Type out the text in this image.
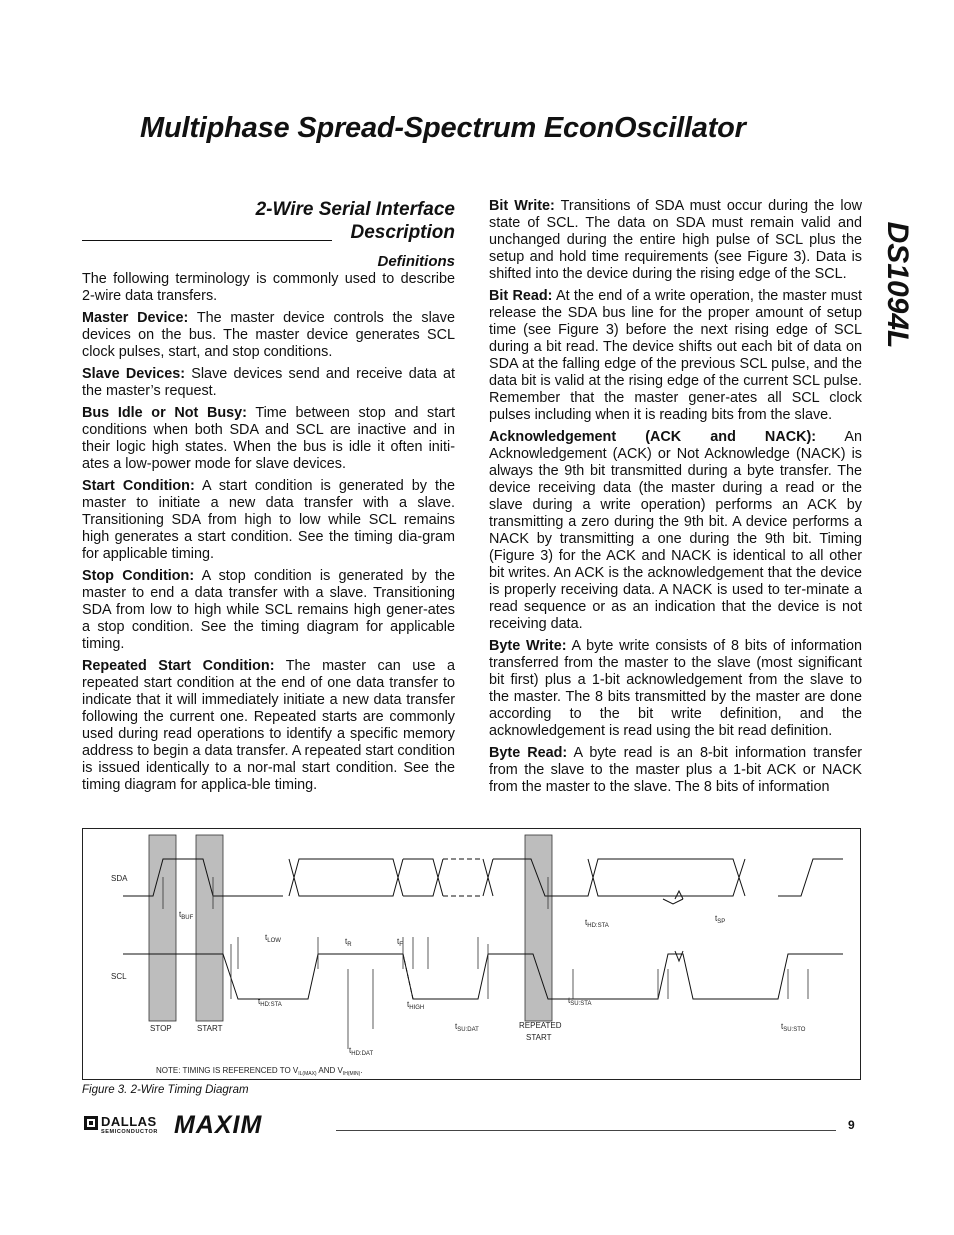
Multiphase Spread-Spectrum EconOscillator
DS1094L
2-Wire Serial Interface
Description
Definitions

The following terminology is commonly used to describe 2-wire data transfers.

Master Device: The master device controls the slave devices on the bus. The master device generates SCL clock pulses, start, and stop conditions.

Slave Devices: Slave devices send and receive data at the master’s request.

Bus Idle or Not Busy: Time between stop and start conditions when both SDA and SCL are inactive and in their logic high states. When the bus is idle it often initi-ates a low-power mode for slave devices.

Start Condition: A start condition is generated by the master to initiate a new data transfer with a slave. Transitioning SDA from high to low while SCL remains high generates a start condition. See the timing dia-gram for applicable timing.

Stop Condition: A stop condition is generated by the master to end a data transfer with a slave. Transitioning SDA from low to high while SCL remains high gener-ates a stop condition. See the timing diagram for applicable timing.

Repeated Start Condition: The master can use a repeated start condition at the end of one data transfer to indicate that it will immediately initiate a new data transfer following the current one. Repeated starts are commonly used during read operations to identify a specific memory address to begin a data transfer. A repeated start condition is issued identically to a nor-mal start condition. See the timing diagram for applica-ble timing.

Bit Write: Transitions of SDA must occur during the low state of SCL. The data on SDA must remain valid and unchanged during the entire high pulse of SCL plus the setup and hold time requirements (see Figure 3). Data is shifted into the device during the rising edge of the SCL.

Bit Read: At the end of a write operation, the master must release the SDA bus line for the proper amount of setup time (see Figure 3) before the next rising edge of SCL during a bit read. The device shifts out each bit of data on SDA at the falling edge of the previous SCL pulse, and the data bit is valid at the rising edge of the current SCL pulse. Remember that the master gener-ates all SCL clock pulses including when it is reading bits from the slave.

Acknowledgement (ACK and NACK): An Acknowledgement (ACK) or Not Acknowledge (NACK) is always the 9th bit transmitted during a byte transfer. The device receiving data (the master during a read or the slave during a write operation) performs an ACK by transmitting a zero during the 9th bit. A device performs a NACK by transmitting a one during the 9th bit. Timing (Figure 3) for the ACK and NACK is identical to all other bit writes. An ACK is the acknowledgement that the device is properly receiving data. A NACK is used to ter-minate a read sequence or as an indication that the device is not receiving data.

Byte Write: A byte write consists of 8 bits of information transferred from the master to the slave (most significant bit first) plus a 1-bit acknowledgement from the slave to the master. The 8 bits transmitted by the master are done according to the bit write definition, and the acknowledgement is read using the bit read definition.

Byte Read: A byte read is an 8-bit information transfer from the slave to the master plus a 1-bit ACK or NACK from the master to the slave. The 8 bits of information

SDA
SCL
STOP	START	REPEATED
START
$t_{BUF}$
$t_{LOW}$	$t_R$	$t_F$
$t_{HD:STA}$	$t_{HIGH}$
$t_{SU:DAT}$
$t_{HD:STA}$
$t_{SU:STA}$
$t_{SP}$
$t_{SU:STO}$
$t_{HD:DAT}$
NOTE: TIMING IS REFERENCED TO $V_{IL(MAX)}$ AND $V_{IH(MIN)}$.
Figure 3. 2-Wire Timing Diagram
DALLAS
SEMICONDUCTOR MAXIM	9
